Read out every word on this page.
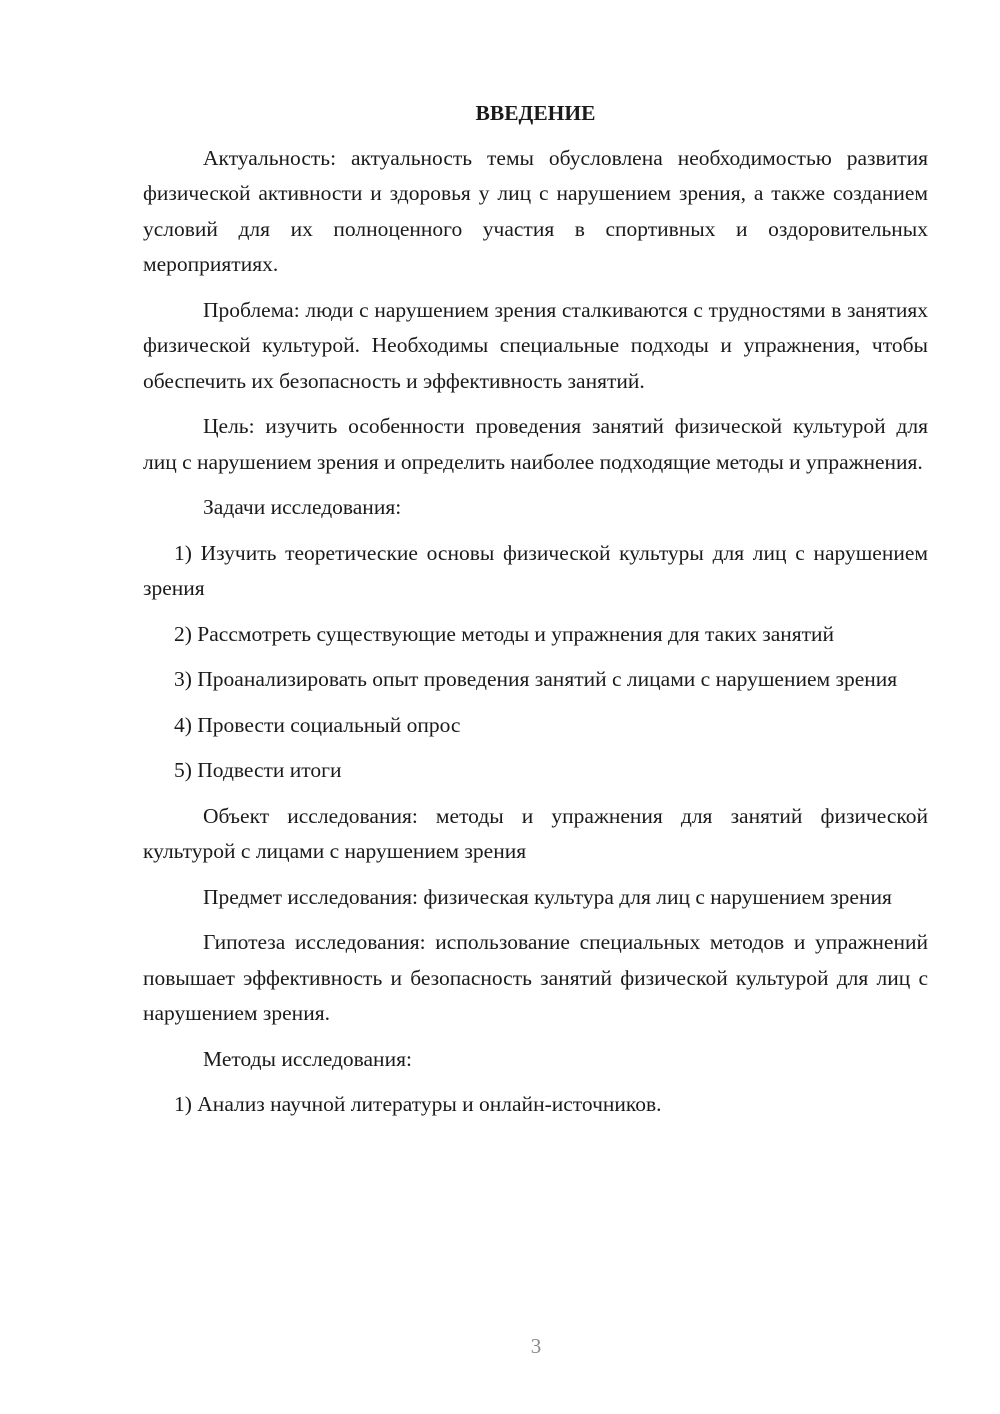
ВВЕДЕНИЕ

Актуальность: актуальность темы обусловлена необходимостью развития физической активности и здоровья у лиц с нарушением зрения, а также созданием условий для их полноценного участия в спортивных и оздоровительных мероприятиях.

Проблема: люди с нарушением зрения сталкиваются с трудностями в занятиях физической культурой. Необходимы специальные подходы и упражнения, чтобы обеспечить их безопасность и эффективность занятий.

Цель: изучить особенности проведения занятий физической культурой для лиц с нарушением зрения и определить наиболее подходящие методы и упражнения.

Задачи исследования:

1) Изучить теоретические основы физической культуры для лиц с нарушением зрения

2) Рассмотреть существующие методы и упражнения для таких занятий

3) Проанализировать опыт проведения занятий с лицами с нарушением зрения

4) Провести социальный опрос

5) Подвести итоги

Объект исследования: методы и упражнения для занятий физической культурой с лицами с нарушением зрения

Предмет исследования: физическая культура для лиц с нарушением зрения

Гипотеза исследования: использование специальных методов и упражнений повышает эффективность и безопасность занятий физической культурой для лиц с нарушением зрения.

Методы исследования:

1) Анализ научной литературы и онлайн-источников.

3
